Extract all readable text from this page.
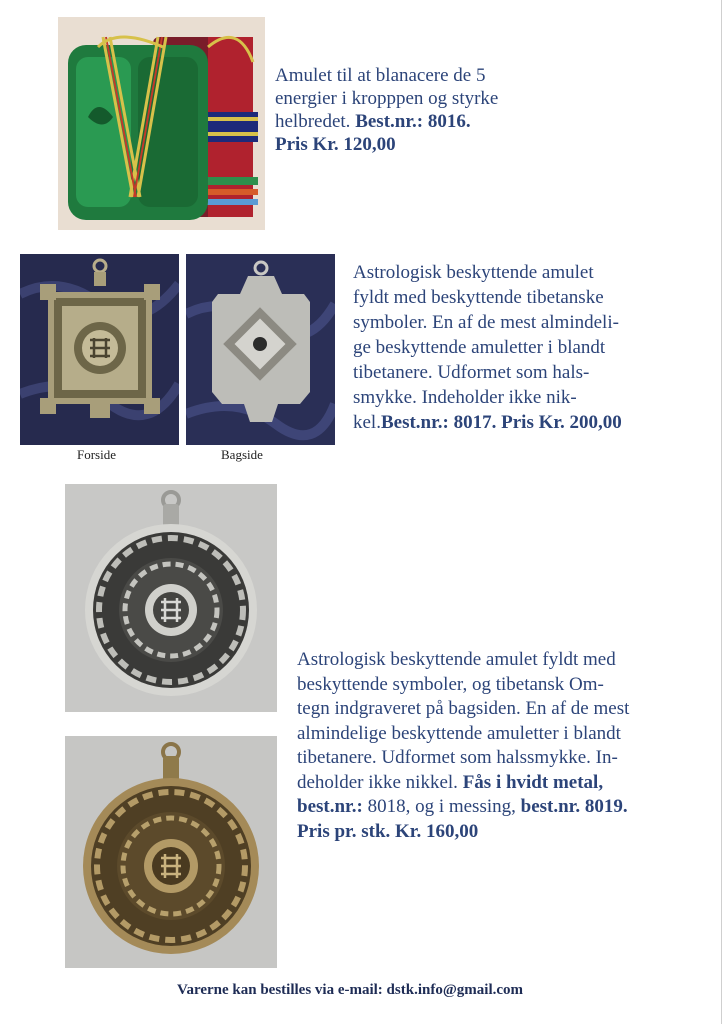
Amulet til at blanacere de 5
energier i kropppen og styrke
helbredet. Best.nr.: 8016.
Pris Kr. 120,00
Forside	Bagside
Astrologisk beskyttende amulet
fyldt med beskyttende tibetanske
symboler. En af de mest almindeli-
ge beskyttende amuletter i blandt
tibetanere. Udformet som hals-
smykke. Indeholder ikke nik-
kel.Best.nr.: 8017. Pris Kr. 200,00
Astrologisk beskyttende amulet fyldt med
beskyttende symboler, og tibetansk Om-
tegn indgraveret på bagsiden. En af de mest
almindelige beskyttende amuletter i blandt
tibetanere. Udformet som halssmykke. In-
deholder ikke nikkel. Fås i hvidt metal,
best.nr.: 8018, og i messing, best.nr. 8019.
Pris pr. stk. Kr. 160,00
Varerne kan bestilles via e-mail: dstk.info@gmail.com
